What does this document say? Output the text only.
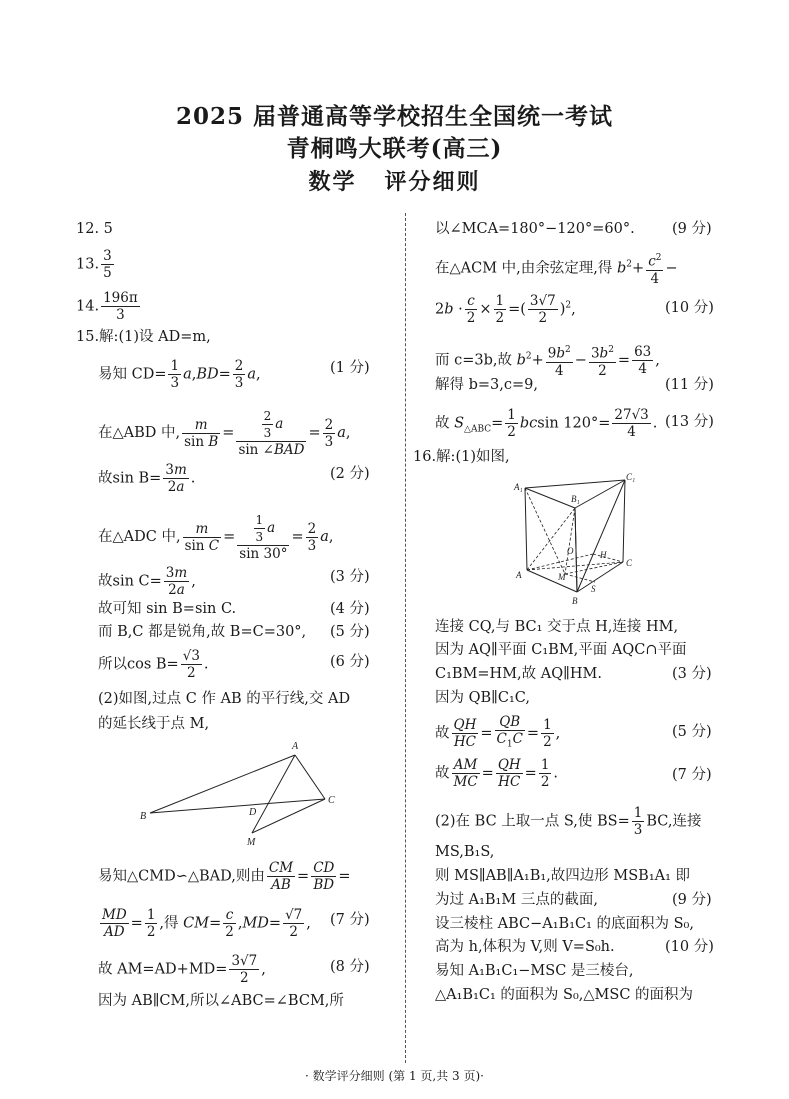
2025 届普通高等学校招生全国统一考试
青桐鸣大联考(高三)
数学 评分细则
12. 5
13. $\frac{3}{5}$
14. $\frac{196\pi}{3}$
15.解:(1)设 AD=m,
易知 $CD= \frac{1}{3} a,BD= \frac{2}{3} a$,	(1 分)
在△ABD 中, $\frac{m}{\text{sin B}} = \frac{\frac{2}{3} a}{\text{sin ∠BAD}} = \frac{2}{3} a$,
故$\sin B= \frac{3m}{2a}$ .	(2 分)
在△ADC 中, $\frac{m}{\text{sin C}} = \frac{\frac{1}{3} a}{\sin 30^\circ} = \frac{2}{3} a$,
故$\sin C= \frac{3m}{2a}$ ,	(3 分)
故可知 sin B=sin C.	(4 分)
而 B,C 都是锐角,故 B=C=30°, (5 分)
所以$\cos B= \frac{√3}{2}$ .	(6 分)
(2)如图,过点 C 作 AB 的平行线,交 AD
的延长线于点 M,
A
B
C
D
M
易知△CMD∽△BAD,则由 $\frac{CM}{AB} = \frac{CD}{BD}$ =
$\frac{MD}{AD} = \frac{1}{2}$ ,得 $CM= \frac{c}{2} ,MD= \frac{√7}{2}$ , (7 分)
故 $AM=AD+MD= \frac{3√7}{2}$ ,	(8 分)
因为 AB∥CM,所以∠ABC=∠BCM,所
以∠MCA=180°−120°=60°.	(9 分)
在△ACM 中,由余弦定理,得 $b^2+ \frac{c^2}{4}$ −
$2b \cdot \frac{c}{2} \times \frac{1}{2}$ =( $\frac{3√7}{2} )^2$,	(10 分)
而 c=3b,故 $b^2+ \frac{9b^2}{4} - \frac{3b^2}{2} = \frac{63}{4}$ ,
解得 b=3,c=9,	(11 分)
故 $S_{\triangle ABC}= \frac{1}{2}$ bcsin $120^\circ= \frac{27√3}{4}$ . (13 分)
16.解:(1)如图,
A₁
B₁
C₁
A
B
C
O	H
M
S
连接 CQ,与 BC₁ 交于点 H,连接 HM,
因为 AQ∥平面 C₁BM,平面 AQC∩平面
C₁BM=HM,故 AQ∥HM.	(3 分)
因为 QB∥C₁C,
故 $\frac{QH}{HC} = \frac{QB}{C_1C} = \frac{1}{2}$ ,	(5 分)
故 $\frac{AM}{MC} = \frac{QH}{HC} = \frac{1}{2}$ .	(7 分)
(2)在 BC 上取一点 S,使 $BS= \frac{1}{3}$ BC,连接
MS,B₁S,
则 MS∥AB∥A₁B₁,故四边形 MSB₁A₁ 即
为过 A₁B₁M 三点的截面,	(9 分)
设三棱柱 ABC−A₁B₁C₁ 的底面积为 S₀,
高为 h,体积为 V,则 V=S₀h.	(10 分)
易知 A₁B₁C₁−MSC 是三棱台,
△A₁B₁C₁ 的面积为 S₀,△MSC 的面积为
· 数学评分细则 (第 1 页,共 3 页)·
